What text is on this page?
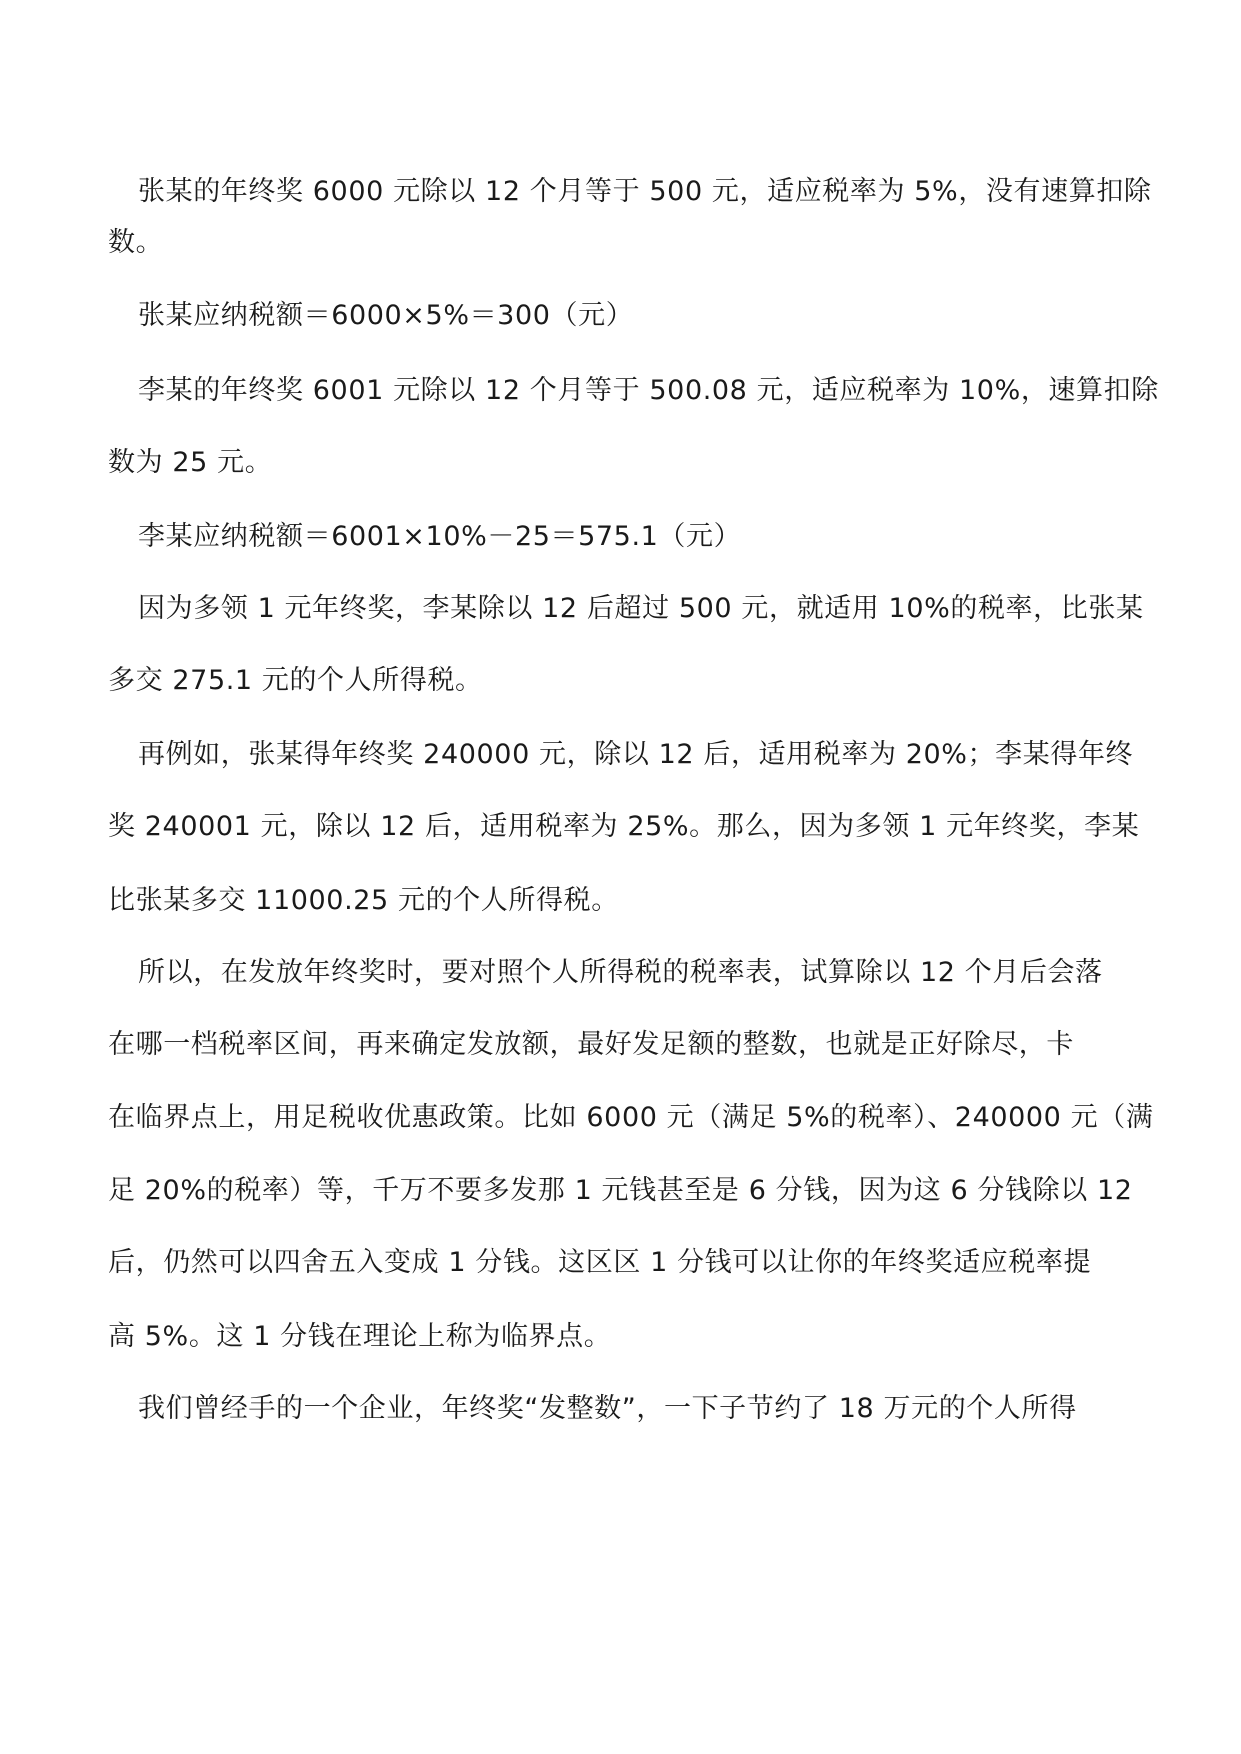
张某的年终奖 6000 元除以 12 个月等于 500 元，适应税率为 5%，没有速算扣除
数。
张某应纳税额＝6000×5%＝300（元）
李某的年终奖 6001 元除以 12 个月等于 500.08 元，适应税率为 10%，速算扣除
数为 25 元。
李某应纳税额＝6001×10%－25＝575.1（元）
因为多领 1 元年终奖，李某除以 12 后超过 500 元，就适用 10%的税率，比张某
多交 275.1 元的个人所得税。
再例如，张某得年终奖 240000 元，除以 12 后，适用税率为 20%；李某得年终
奖 240001 元，除以 12 后，适用税率为 25%。那么，因为多领 1 元年终奖，李某
比张某多交 11000.25 元的个人所得税。
所以，在发放年终奖时，要对照个人所得税的税率表，试算除以 12 个月后会落
在哪一档税率区间，再来确定发放额，最好发足额的整数，也就是正好除尽，卡
在临界点上，用足税收优惠政策。比如 6000 元（满足 5%的税率）、240000 元（满
足 20%的税率）等，千万不要多发那 1 元钱甚至是 6 分钱，因为这 6 分钱除以 12
后，仍然可以四舍五入变成 1 分钱。这区区 1 分钱可以让你的年终奖适应税率提
高 5%。这 1 分钱在理论上称为临界点。
我们曾经手的一个企业，年终奖“发整数”，一下子节约了 18 万元的个人所得
